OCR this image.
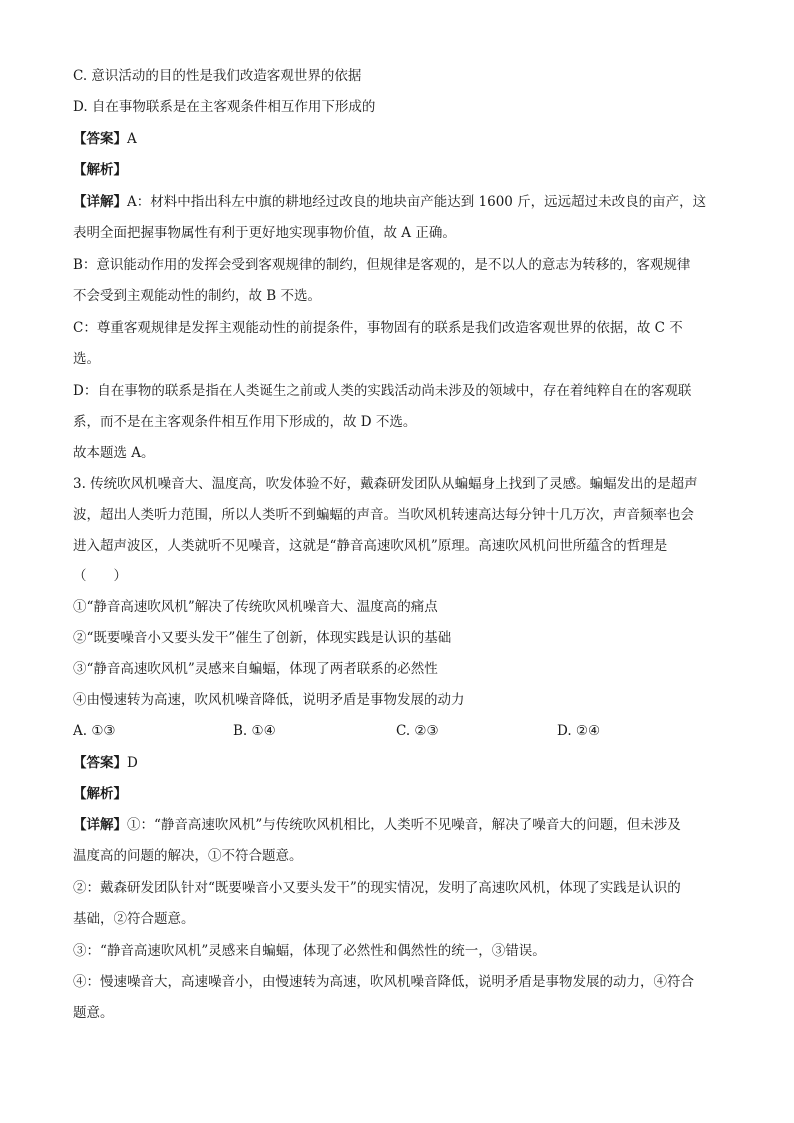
C. 意识活动的目的性是我们改造客观世界的依据
D. 自在事物联系是在主客观条件相互作用下形成的
【答案】A
【解析】
【详解】A：材料中指出科左中旗的耕地经过改良的地块亩产能达到 1600 斤，远远超过未改良的亩产，这
表明全面把握事物属性有利于更好地实现事物价值，故 A 正确。
B：意识能动作用的发挥会受到客观规律的制约，但规律是客观的，是不以人的意志为转移的，客观规律
不会受到主观能动性的制约，故 B 不选。
C：尊重客观规律是发挥主观能动性的前提条件，事物固有的联系是我们改造客观世界的依据，故 C 不
选。
D：自在事物的联系是指在人类诞生之前或人类的实践活动尚未涉及的领域中，存在着纯粹自在的客观联
系，而不是在主客观条件相互作用下形成的，故 D 不选。
故本题选 A。
3. 传统吹风机噪音大、温度高，吹发体验不好，戴森研发团队从蝙蝠身上找到了灵感。蝙蝠发出的是超声
波，超出人类听力范围，所以人类听不到蝙蝠的声音。当吹风机转速高达每分钟十几万次，声音频率也会
进入超声波区，人类就听不见噪音，这就是“静音高速吹风机”原理。高速吹风机问世所蕴含的哲理是
（　　）
①“静音高速吹风机”解决了传统吹风机噪音大、温度高的痛点
②“既要噪音小又要头发干”催生了创新，体现实践是认识的基础
③“静音高速吹风机”灵感来自蝙蝠，体现了两者联系的必然性
④由慢速转为高速，吹风机噪音降低，说明矛盾是事物发展的动力
A. ①③	B. ①④	C. ②③	D. ②④
【答案】D
【解析】
【详解】①：“静音高速吹风机”与传统吹风机相比，人类听不见噪音，解决了噪音大的问题，但未涉及
温度高的问题的解决，①不符合题意。
②：戴森研发团队针对“既要噪音小又要头发干”的现实情况，发明了高速吹风机，体现了实践是认识的
基础，②符合题意。
③：“静音高速吹风机”灵感来自蝙蝠，体现了必然性和偶然性的统一，③错误。
④：慢速噪音大，高速噪音小，由慢速转为高速，吹风机噪音降低，说明矛盾是事物发展的动力，④符合
题意。
